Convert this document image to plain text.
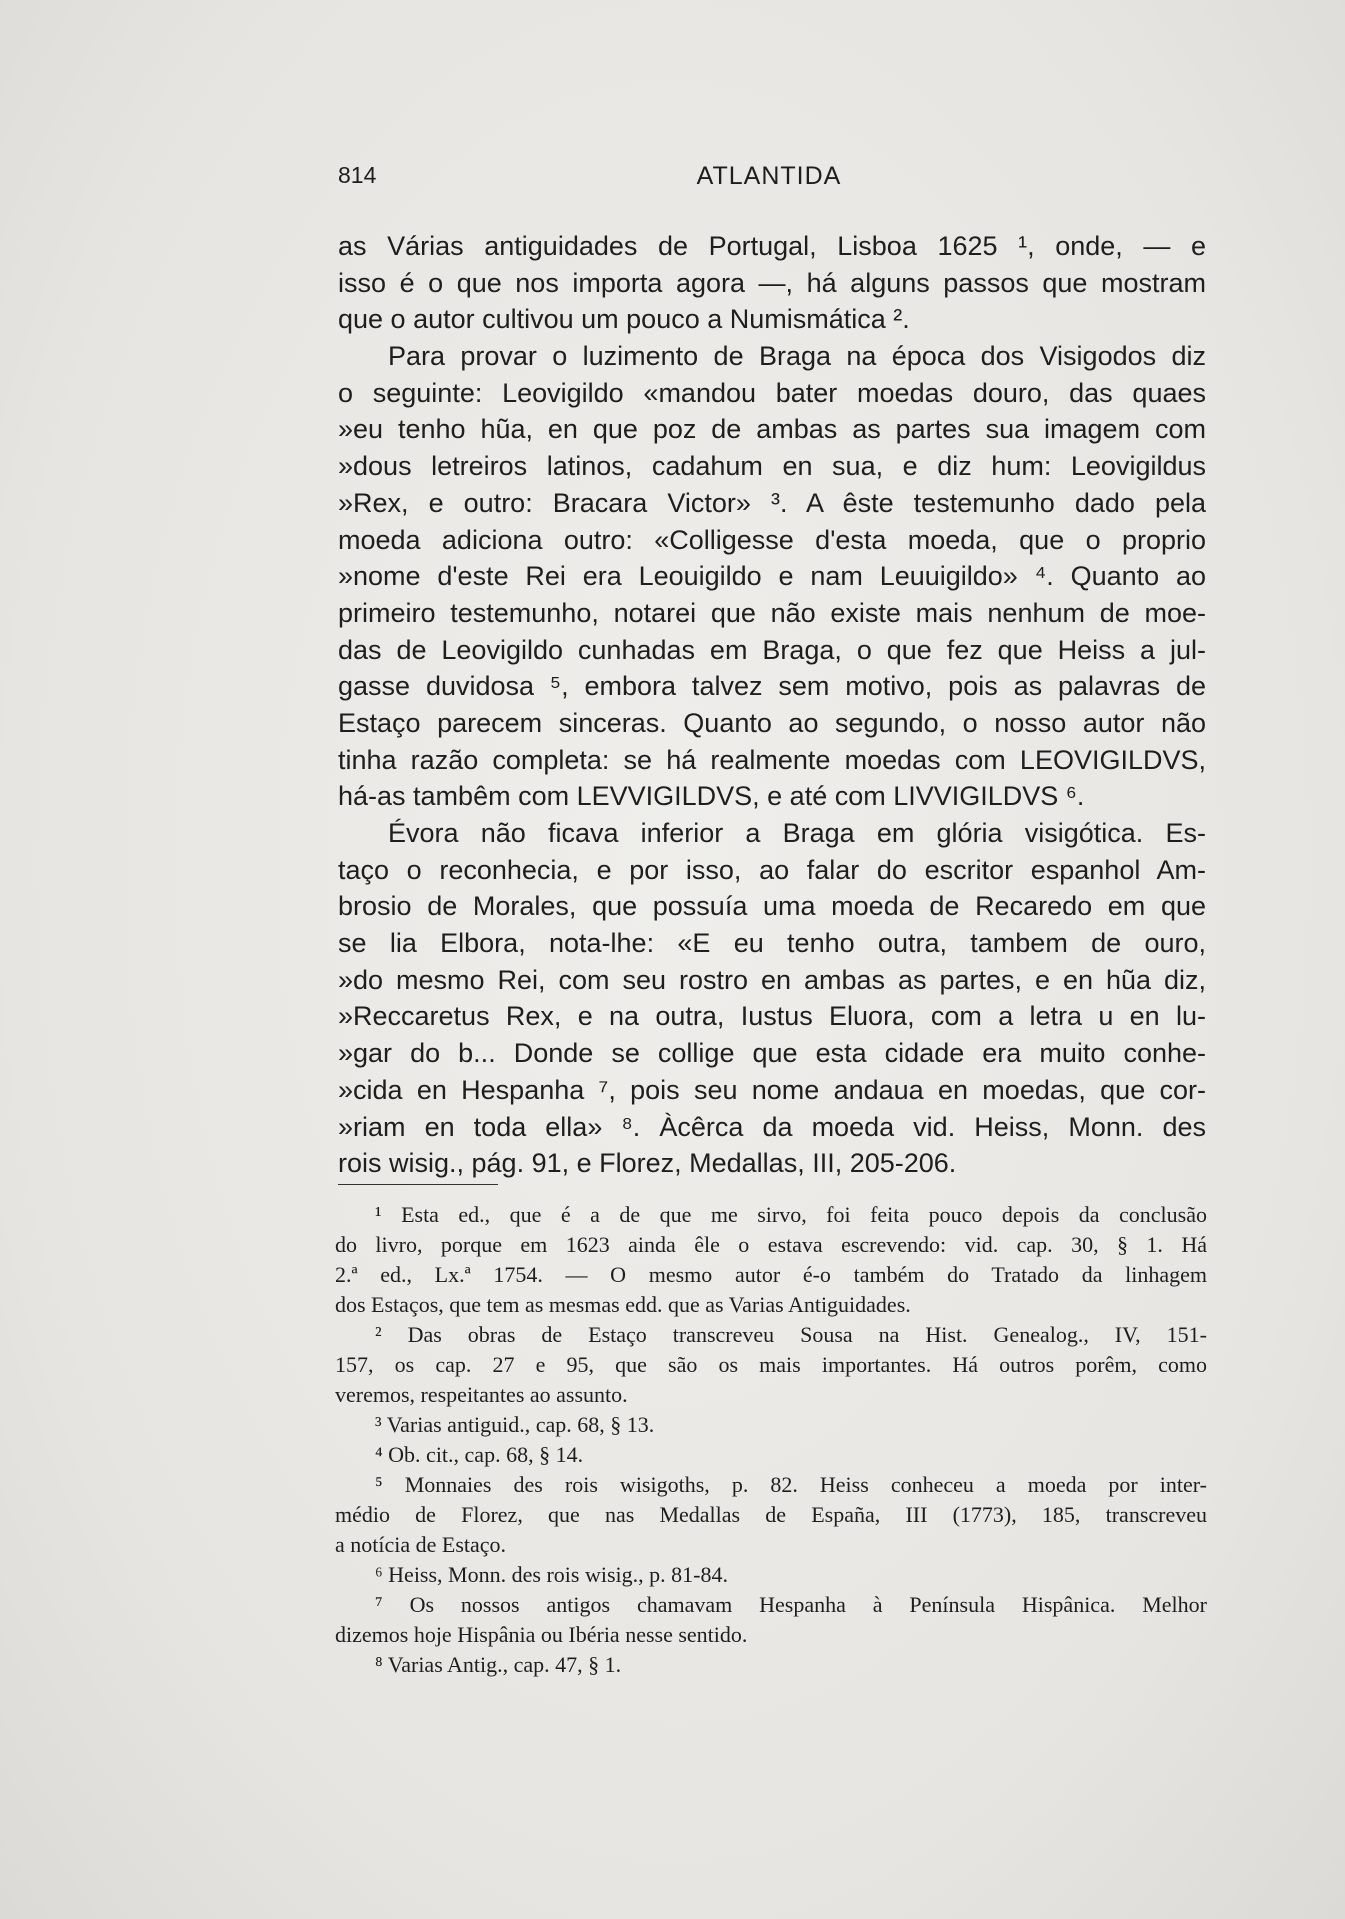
814	ATLANTIDA
as Várias antiguidades de Portugal, Lisboa 1625 ¹, onde, — e
isso é o que nos importa agora —, há alguns passos que mostram
que o autor cultivou um pouco a Numismática ².
Para provar o luzimento de Braga na época dos Visigodos diz
o seguinte: Leovigildo «mandou bater moedas douro, das quaes
»eu tenho hũa, en que poz de ambas as partes sua imagem com
»dous letreiros latinos, cadahum en sua, e diz hum: Leovigildus
»Rex, e outro: Bracara Victor» ³. A êste testemunho dado pela
moeda adiciona outro: «Colligesse d'esta moeda, que o proprio
»nome d'este Rei era Leouigildo e nam Leuuigildo» ⁴. Quanto ao
primeiro testemunho, notarei que não existe mais nenhum de moe-
das de Leovigildo cunhadas em Braga, o que fez que Heiss a jul-
gasse duvidosa ⁵, embora talvez sem motivo, pois as palavras de
Estaço parecem sinceras. Quanto ao segundo, o nosso autor não
tinha razão completa: se há realmente moedas com LEOVIGILDVS,
há-as tambêm com LEVVIGILDVS, e até com LIVVIGILDVS ⁶.
Évora não ficava inferior a Braga em glória visigótica. Es-
taço o reconhecia, e por isso, ao falar do escritor espanhol Am-
brosio de Morales, que possuía uma moeda de Recaredo em que
se lia Elbora, nota-lhe: «E eu tenho outra, tambem de ouro,
»do mesmo Rei, com seu rostro en ambas as partes, e en hũa diz,
»Reccaretus Rex, e na outra, Iustus Eluora, com a letra u en lu-
»gar do b... Donde se collige que esta cidade era muito conhe-
»cida en Hespanha ⁷, pois seu nome andaua en moedas, que cor-
»riam en toda ella» ⁸. Àcêrca da moeda vid. Heiss, Monn. des
rois wisig., pág. 91, e Florez, Medallas, III, 205-206.
¹ Esta ed., que é a de que me sirvo, foi feita pouco depois da conclusão
do livro, porque em 1623 ainda êle o estava escrevendo: vid. cap. 30, § 1. Há
2.ª ed., Lx.ª 1754. — O mesmo autor é-o também do Tratado da linhagem
dos Estaços, que tem as mesmas edd. que as Varias Antiguidades.
² Das obras de Estaço transcreveu Sousa na Hist. Genealog., IV, 151-
157, os cap. 27 e 95, que são os mais importantes. Há outros porêm, como
veremos, respeitantes ao assunto.
³ Varias antiguid., cap. 68, § 13.
⁴ Ob. cit., cap. 68, § 14.
⁵ Monnaies des rois wisigoths, p. 82. Heiss conheceu a moeda por inter-
médio de Florez, que nas Medallas de España, III (1773), 185, transcreveu
a notícia de Estaço.
⁶ Heiss, Monn. des rois wisig., p. 81-84.
⁷ Os nossos antigos chamavam Hespanha à Península Hispânica. Melhor
dizemos hoje Hispânia ou Ibéria nesse sentido.
⁸ Varias Antig., cap. 47, § 1.
